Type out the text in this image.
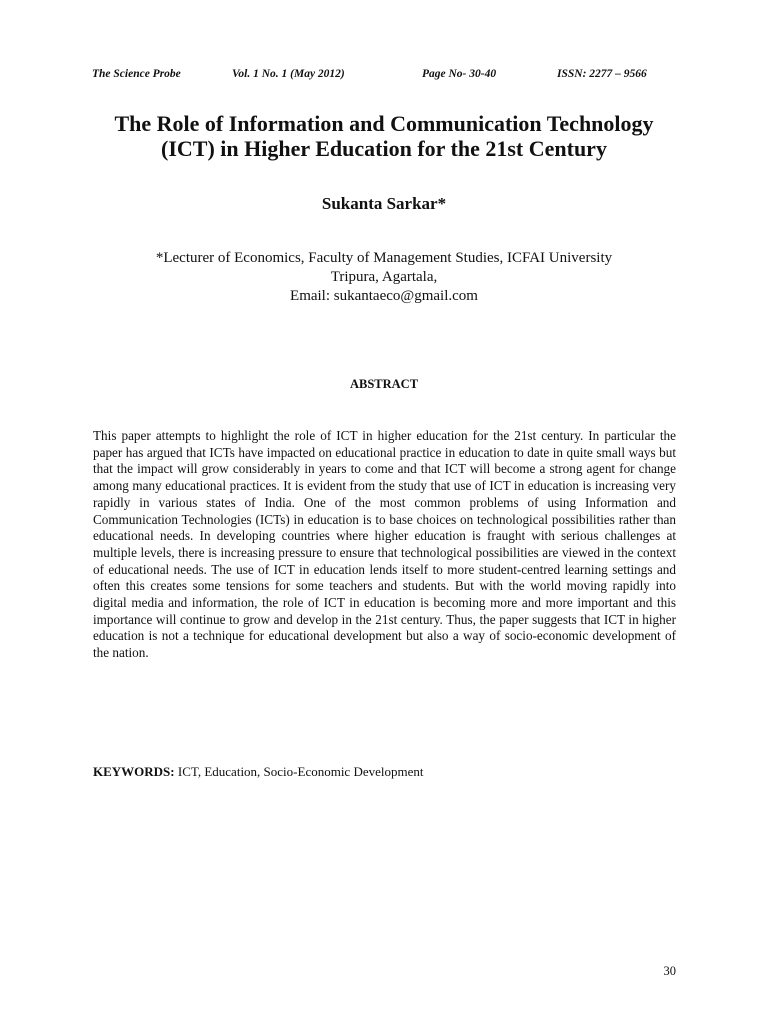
The Science Probe	Vol. 1 No. 1 (May 2012)	Page No- 30-40	ISSN: 2277 – 9566
The Role of Information and Communication Technology
(ICT) in Higher Education for the 21st Century
Sukanta Sarkar*
*Lecturer of Economics, Faculty of Management Studies, ICFAI University
Tripura, Agartala,
Email: sukantaeco@gmail.com
ABSTRACT
This paper attempts to highlight the role of ICT in higher education for the 21st century. In particular the paper has argued that ICTs have impacted on educational practice in education to date in quite small ways but that the impact will grow considerably in years to come and that ICT will become a strong agent for change among many educational practices. It is evident from the study that use of ICT in education is increasing very rapidly in various states of India. One of the most common problems of using Information and Communication Technologies (ICTs) in education is to base choices on technological possibilities rather than educational needs. In developing countries where higher education is fraught with serious challenges at multiple levels, there is increasing pressure to ensure that technological possibilities are viewed in the context of educational needs. The use of ICT in education lends itself to more student-centred learning settings and often this creates some tensions for some teachers and students. But with the world moving rapidly into digital media and information, the role of ICT in education is becoming more and more important and this importance will continue to grow and develop in the 21st century. Thus, the paper suggests that ICT in higher education is not a technique for educational development but also a way of socio-economic development of the nation.
KEYWORDS: ICT, Education, Socio-Economic Development
30
